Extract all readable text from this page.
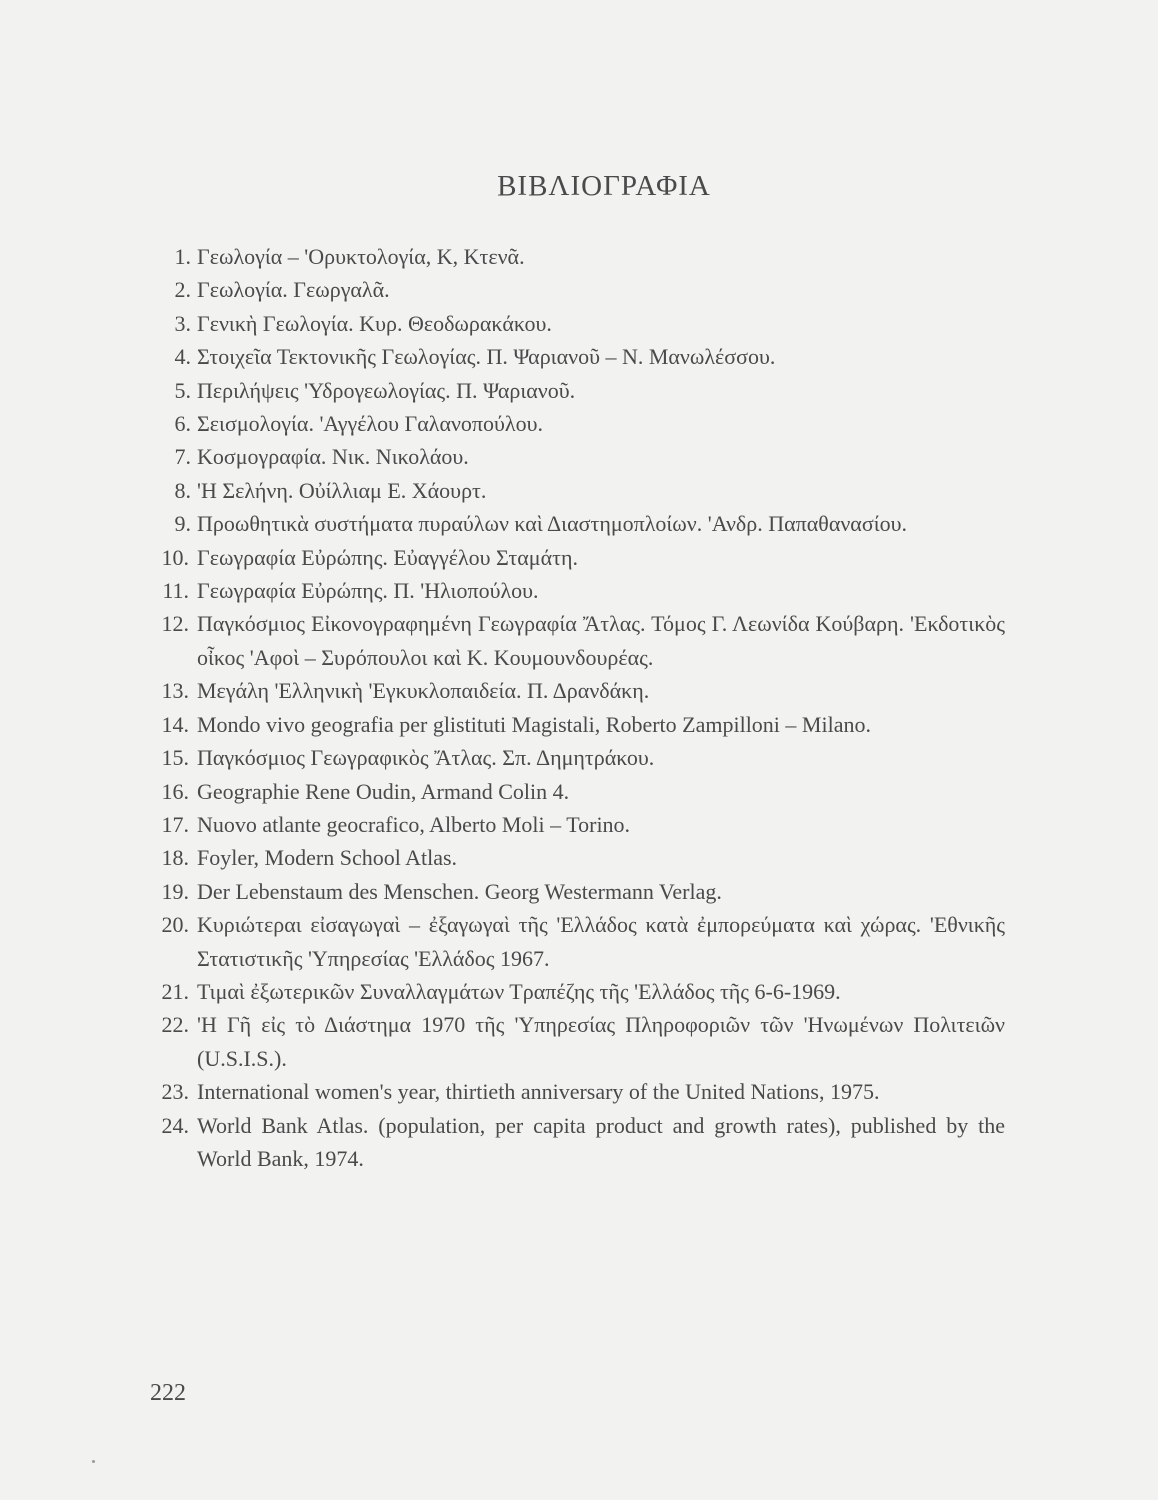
ΒΙΒΛΙΟΓΡΑΦΙΑ
1. Γεωλογία – 'Ορυκτολογία, Κ, Κτενᾶ.
2. Γεωλογία. Γεωργαλᾶ.
3. Γενικὴ Γεωλογία. Κυρ. Θεοδωρακάκου.
4. Στοιχεῖα Τεκτονικῆς Γεωλογίας. Π. Ψαριανοῦ – Ν. Μανωλέσσου.
5. Περιλήψεις 'Υδρογεωλογίας. Π. Ψαριανοῦ.
6. Σεισμολογία. 'Αγγέλου Γαλανοπούλου.
7. Κοσμογραφία. Νικ. Νικολάου.
8. 'Η Σελήνη. Οὐίλλιαμ Ε. Χάουρτ.
9. Προωθητικὰ συστήματα πυραύλων καὶ Διαστημοπλοίων. 'Ανδρ. Παπαθανασίου.
10. Γεωγραφία Εὐρώπης. Εὐαγγέλου Σταμάτη.
11. Γεωγραφία Εὐρώπης. Π. 'Ηλιοπούλου.
12. Παγκόσμιος Εἰκονογραφημένη Γεωγραφία Ἄτλας. Τόμος Γ. Λεωνίδα Κούβαρη. 'Εκδοτικὸς οἶκος 'Αφοὶ – Συρόπουλοι καὶ Κ. Κουμουνδουρέας.
13. Μεγάλη 'Ελληνικὴ 'Εγκυκλοπαιδεία. Π. Δρανδάκη.
14. Mondo vivo geografia per glistituti Magistali, Roberto Zampilloni – Milano.
15. Παγκόσμιος Γεωγραφικὸς Ἄτλας. Σπ. Δημητράκου.
16. Geographie Rene Oudin, Armand Colin 4.
17. Nuovo atlante geocrafico, Alberto Moli – Torino.
18. Foyler, Modern School Atlas.
19. Der Lebenstaum des Menschen. Georg Westermann Verlag.
20. Κυριώτεραι εἰσαγωγαὶ – ἐξαγωγαὶ τῆς 'Ελλάδος κατὰ ἐμπορεύματα καὶ χώρας. 'Εθνικῆς Στατιστικῆς 'Υπηρεσίας 'Ελλάδος 1967.
21. Τιμαὶ ἐξωτερικῶν Συναλλαγμάτων Τραπέζης τῆς 'Ελλάδος τῆς 6-6-1969.
22. 'Η Γῆ εἰς τὸ Διάστημα 1970 τῆς 'Υπηρεσίας Πληροφοριῶν τῶν 'Ηνωμένων Πολιτειῶν (U.S.I.S.).
23. International women's year, thirtieth anniversary of the United Nations, 1975.
24. World Bank Atlas. (population, per capita product and growth rates), published by the World Bank, 1974.
222
